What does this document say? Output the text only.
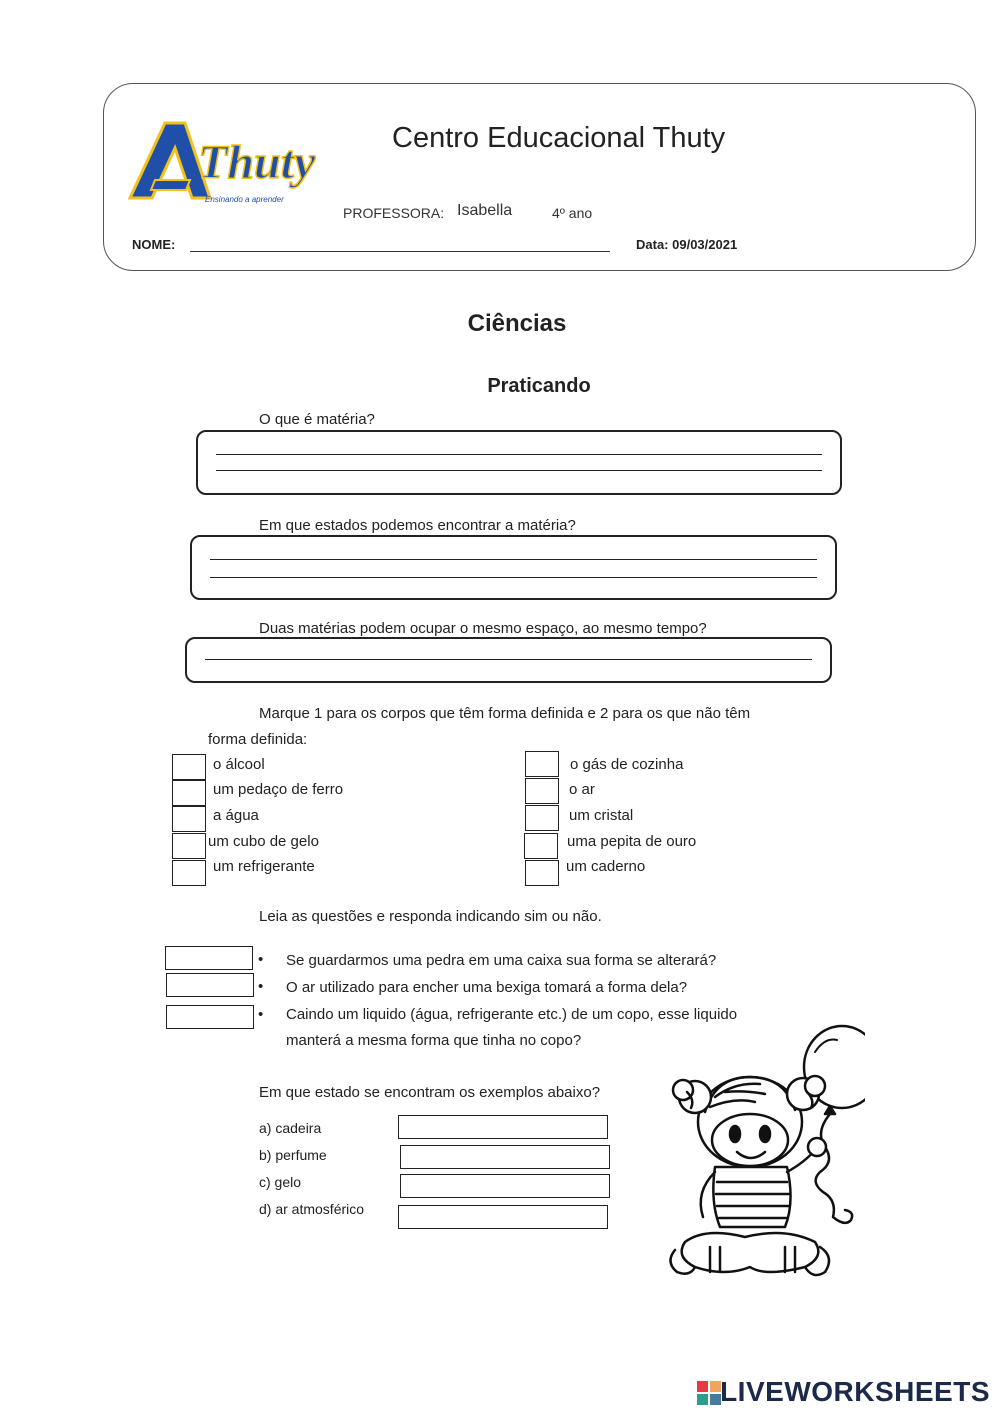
Thuty
Ensinando a aprender
Centro Educacional Thuty
PROFESSORA: Isabella	4º ano
NOME:	Data: 09/03/2021
Ciências
Praticando
O que é matéria?
Em que estados podemos encontrar a matéria?
Duas matérias podem ocupar o mesmo espaço, ao mesmo tempo?
Marque 1 para os corpos que têm forma definida e 2 para os que não têm
forma definida:
o álcool
um pedaço de ferro
a água
um cubo de gelo
um refrigerante
o gás de cozinha
o ar
um cristal
uma pepita de ouro
um caderno
Leia as questões e responda indicando sim ou não.
• Se guardarmos uma pedra em uma caixa sua forma se alterará?
• O ar utilizado para encher uma bexiga tomará a forma dela?
• Caindo um liquido (água, refrigerante etc.) de um copo, esse liquido
manterá a mesma forma que tinha no copo?
Em que estado se encontram os exemplos abaixo?
a) cadeira
b) perfume
c) gelo
d) ar atmosférico
LIVEWORKSHEETS
